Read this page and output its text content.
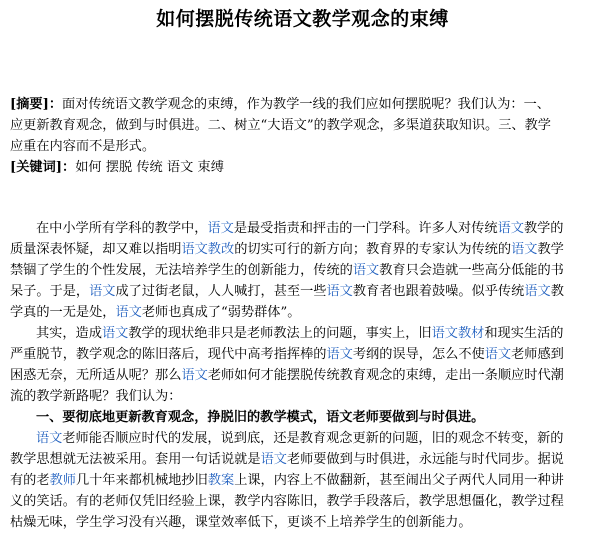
如何摆脱传统语文教学观念的束缚
[摘要]：面对传统语文教学观念的束缚，作为教学一线的我们应如何摆脱呢？我们认为：一、
应更新教育观念，做到与时俱进。二、树立“大语文”的教学观念，多渠道获取知识。三、教学
应重在内容而不是形式。
[关键词]：如何 摆脱 传统 语文 束缚
在中小学所有学科的教学中，语文是最受指责和抨击的一门学科。许多人对传统语文教学的
质量深表怀疑，却又难以指明语文教改的切实可行的新方向；教育界的专家认为传统的语文教学
禁锢了学生的个性发展，无法培养学生的创新能力，传统的语文教育只会造就一些高分低能的书
呆子。于是，语文成了过街老鼠，人人喊打，甚至一些语文教育者也跟着鼓噪。似乎传统语文教
学真的一无是处，语文老师也真成了“弱势群体”。
其实，造成语文教学的现状绝非只是老师教法上的问题，事实上，旧语文教材和现实生活的
严重脱节，教学观念的陈旧落后，现代中高考指挥棒的语文考纲的误导，怎么不使语文老师感到
困惑无奈，无所适从呢？那么语文老师如何才能摆脱传统教育观念的束缚，走出一条顺应时代潮
流的教学新路呢？我们认为：
一、要彻底地更新教育观念，挣脱旧的教学模式，语文老师要做到与时俱进。
语文老师能否顺应时代的发展，说到底，还是教育观念更新的问题，旧的观念不转变，新的
教学思想就无法被采用。套用一句话说就是语文老师要做到与时俱进，永远能与时代同步。据说
有的老教师几十年来都机械地抄旧教案上课，内容上不做翻新，甚至闹出父子两代人同用一种讲
义的笑话。有的老师仅凭旧经验上课，教学内容陈旧，教学手段落后，教学思想僵化，教学过程
枯燥无味，学生学习没有兴趣，课堂效率低下，更谈不上培养学生的创新能力。
